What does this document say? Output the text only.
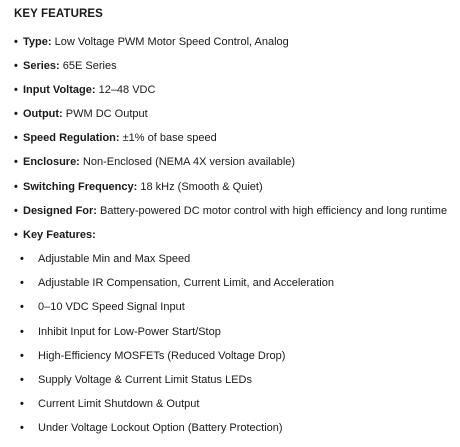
KEY FEATURES
• Type: Low Voltage PWM Motor Speed Control, Analog
• Series: 65E Series
• Input Voltage: 12–48 VDC
• Output: PWM DC Output
• Speed Regulation: ±1% of base speed
• Enclosure: Non-Enclosed (NEMA 4X version available)
• Switching Frequency: 18 kHz (Smooth & Quiet)
• Designed For: Battery-powered DC motor control with high efficiency and long runtime
• Key Features:
• Adjustable Min and Max Speed
• Adjustable IR Compensation, Current Limit, and Acceleration
• 0–10 VDC Speed Signal Input
• Inhibit Input for Low-Power Start/Stop
• High-Efficiency MOSFETs (Reduced Voltage Drop)
• Supply Voltage & Current Limit Status LEDs
• Current Limit Shutdown & Output
• Under Voltage Lockout Option (Battery Protection)
